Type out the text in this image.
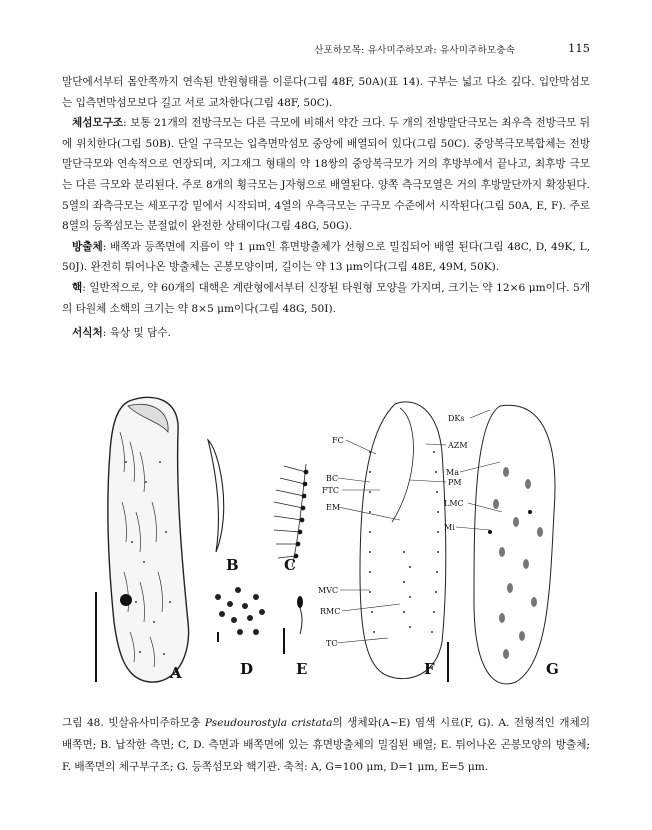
산포하모목: 유사미주하모과: 유사미주하모충속	115

말단에서부터 몸안쪽까지 연속된 반원형태를 이룬다(그림 48F, 50A)(표 14). 구부는 넓고 다소 깊다. 입안막섬모는 입측면막섬모보다 길고 서로 교차한다(그림 48F, 50C).

체섬모구조: 보통 21개의 전방극모는 다른 극모에 비해서 약간 크다. 두 개의 전방말단극모는 최우측 전방극모 뒤에 위치한다(그림 50B). 단일 구극모는 입측면막섬모 중앙에 배열되어 있다(그림 50C). 중앙복극모복합체는 전방말단극모와 연속적으로 연장되며, 지그재그 형태의 약 18쌍의 중앙복극모가 거의 후방부에서 끝나고, 최후방 극모는 다른 극모와 분리된다. 주로 8개의 횡극모는 J자형으로 배열된다. 양쪽 측극모열은 거의 후방말단까지 확장된다. 5열의 좌측극모는 세포구강 밑에서 시작되며, 4열의 우측극모는 구극모 수준에서 시작된다(그림 50A, E, F). 주로 8열의 등쪽섬모는 분절없이 완전한 상태이다(그림 48G, 50G).

방출체: 배쪽과 등쪽면에 지름이 약 1 μm인 휴면방출체가 선형으로 밀집되어 배열 된다(그림 48C, D, 49K, L, 50J). 완전히 튀어나온 방출체는 곤봉모양이며, 길이는 약 13 μm이다(그림 48E, 49M, 50K).

핵: 일반적으로, 약 60개의 대핵은 계란형에서부터 신장된 타원형 모양을 가지며, 크기는 약 12×6 μm이다. 5개의 타원체 소핵의 크기는 약 8×5 μm이다(그림 48G, 50I).

서식처: 육상 및 담수.
A
B	C
D	E	F	G
FC
BC
FTC
EM
MVC
RMC
TC
AZM
PM
DKs
Ma
LMC
Mi
그림 48. 빗살유사미주하모충 Pseudourostyla cristata의 생체와(A~E) 염색 시료(F, G). A. 전형적인 개체의 배쪽면; B. 납작한 측면; C, D. 측면과 배쪽면에 있는 휴면방출체의 밀집된 배열; E. 튀어나온 곤봉모양의 방출체; F. 배쪽면의 체구부구조; G. 등쪽섬모와 핵기관. 축척: A, G=100 μm, D=1 μm, E=5 μm.
